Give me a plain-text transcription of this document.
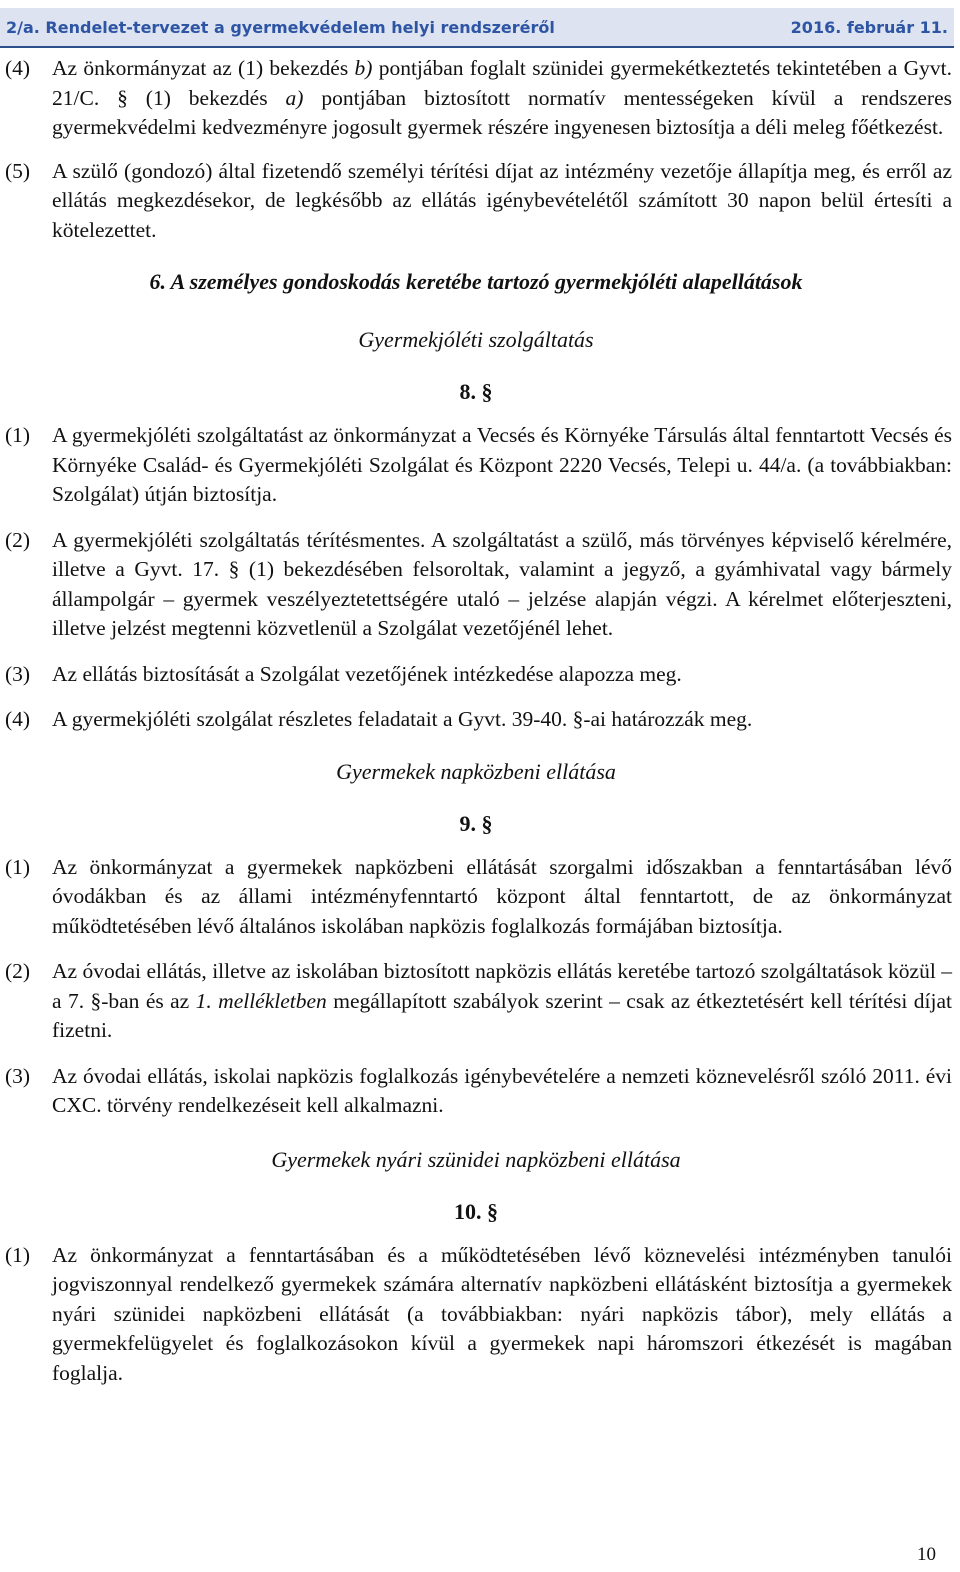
2/a. Rendelet-tervezet a gyermekvédelem helyi rendszeréről	2016. február 11.
(4) Az önkormányzat az (1) bekezdés b) pontjában foglalt szünidei gyermekétkeztetés tekintetében a Gyvt. 21/C. § (1) bekezdés a) pontjában biztosított normatív mentességeken kívül a rendszeres gyermekvédelmi kedvezményre jogosult gyermek részére ingyenesen biztosítja a déli meleg főétkezést.
(5) A szülő (gondozó) által fizetendő személyi térítési díjat az intézmény vezetője állapítja meg, és erről az ellátás megkezdésekor, de legkésőbb az ellátás igénybevételétől számított 30 napon belül értesíti a kötelezettet.

6. A személyes gondoskodás keretébe tartozó gyermekjóléti alapellátások

Gyermekjóléti szolgáltatás

8. §

(1) A gyermekjóléti szolgáltatást az önkormányzat a Vecsés és Környéke Társulás által fenntartott Vecsés és Környéke Család- és Gyermekjóléti Szolgálat és Központ 2220 Vecsés, Telepi u. 44/a. (a továbbiakban: Szolgálat) útján biztosítja.
(2) A gyermekjóléti szolgáltatás térítésmentes. A szolgáltatást a szülő, más törvényes képviselő kérelmére, illetve a Gyvt. 17. § (1) bekezdésében felsoroltak, valamint a jegyző, a gyámhivatal vagy bármely állampolgár – gyermek veszélyeztetettségére utaló – jelzése alapján végzi. A kérelmet előterjeszteni, illetve jelzést megtenni közvetlenül a Szolgálat vezetőjénél lehet.
(3) Az ellátás biztosítását a Szolgálat vezetőjének intézkedése alapozza meg.
(4) A gyermekjóléti szolgálat részletes feladatait a Gyvt. 39-40. §-ai határozzák meg.

Gyermekek napközbeni ellátása

9. §

(1) Az önkormányzat a gyermekek napközbeni ellátását szorgalmi időszakban a fenntartásában lévő óvodákban és az állami intézményfenntartó központ által fenntartott, de az önkormányzat működtetésében lévő általános iskolában napközis foglalkozás formájában biztosítja.
(2) Az óvodai ellátás, illetve az iskolában biztosított napközis ellátás keretébe tartozó szolgáltatások közül – a 7. §-ban és az 1. mellékletben megállapított szabályok szerint – csak az étkeztetésért kell térítési díjat fizetni.
(3) Az óvodai ellátás, iskolai napközis foglalkozás igénybevételére a nemzeti köznevelésről szóló 2011. évi CXC. törvény rendelkezéseit kell alkalmazni.

Gyermekek nyári szünidei napközbeni ellátása

10. §

(1) Az önkormányzat a fenntartásában és a működtetésében lévő köznevelési intézményben tanulói jogviszonnyal rendelkező gyermekek számára alternatív napközbeni ellátásként biztosítja a gyermekek nyári szünidei napközbeni ellátását (a továbbiakban: nyári napközis tábor), mely ellátás a gyermekfelügyelet és foglalkozásokon kívül a gyermekek napi háromszori étkezését is magában foglalja.
10
